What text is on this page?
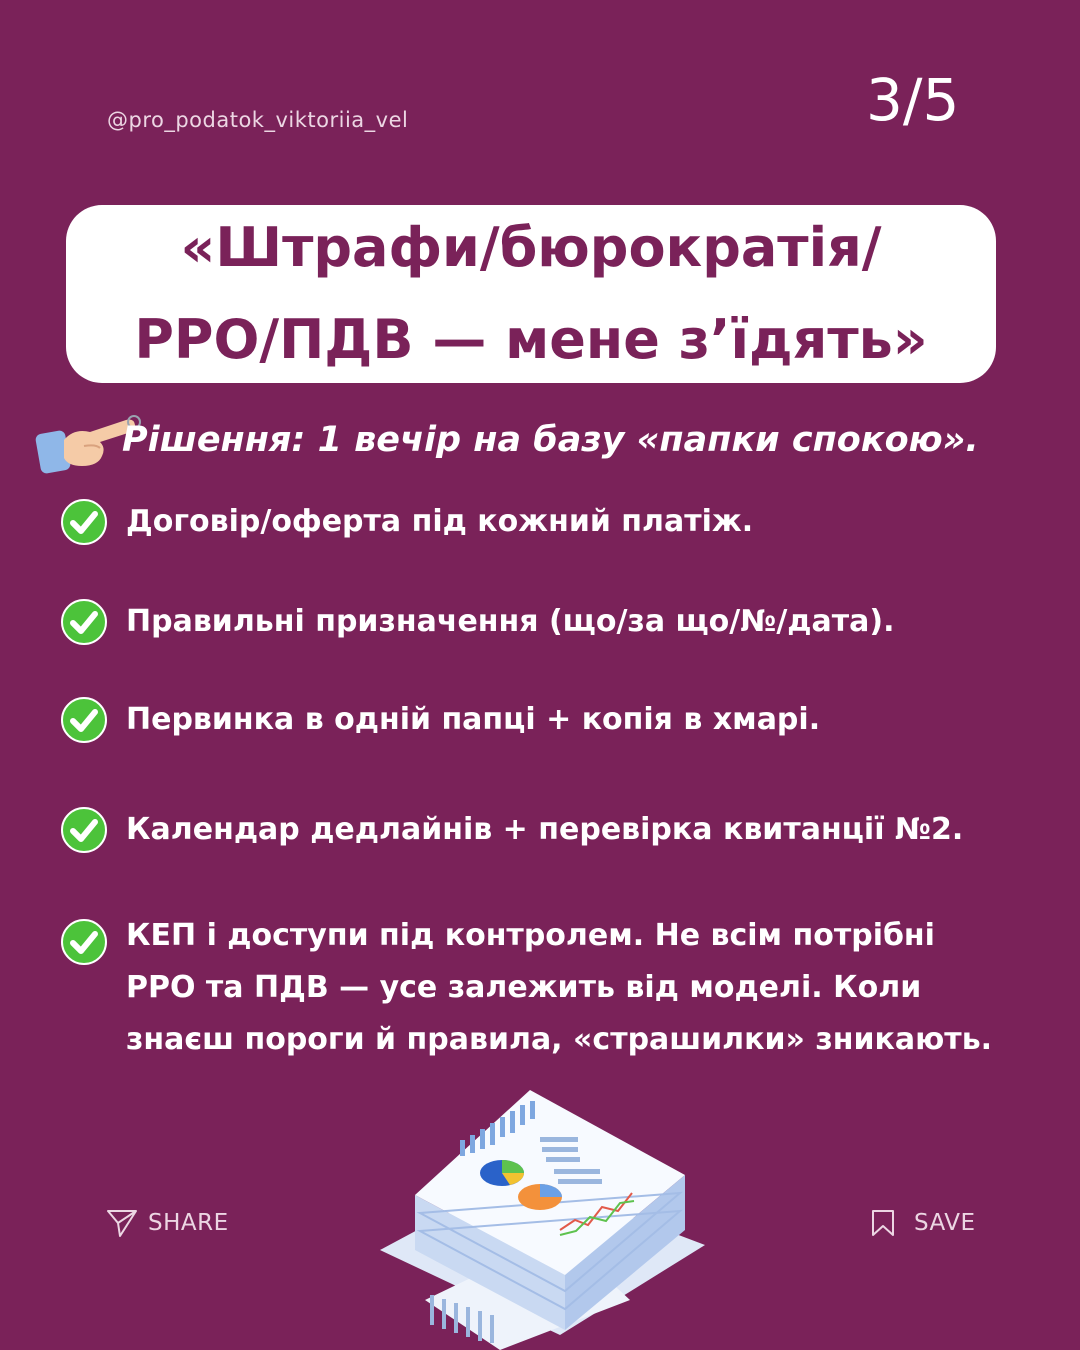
@pro_podatok_viktoriia_vel	3/5
«Штрафи/бюрократія/
РРО/ПДВ — мене з’їдять»
Рішення: 1 вечір на базу «папки спокою».
Договір/оферта під кожний платіж.
Правильні призначення (що/за що/№/дата).
Первинка в одній папці + копія в хмарі.
Календар дедлайнів + перевірка квитанції №2.
КЕП і доступи під контролем. Не всім потрібні
РРО та ПДВ — усе залежить від моделі. Коли
знаєш пороги й правила, «страшилки» зникають.
SHARE	SAVE
